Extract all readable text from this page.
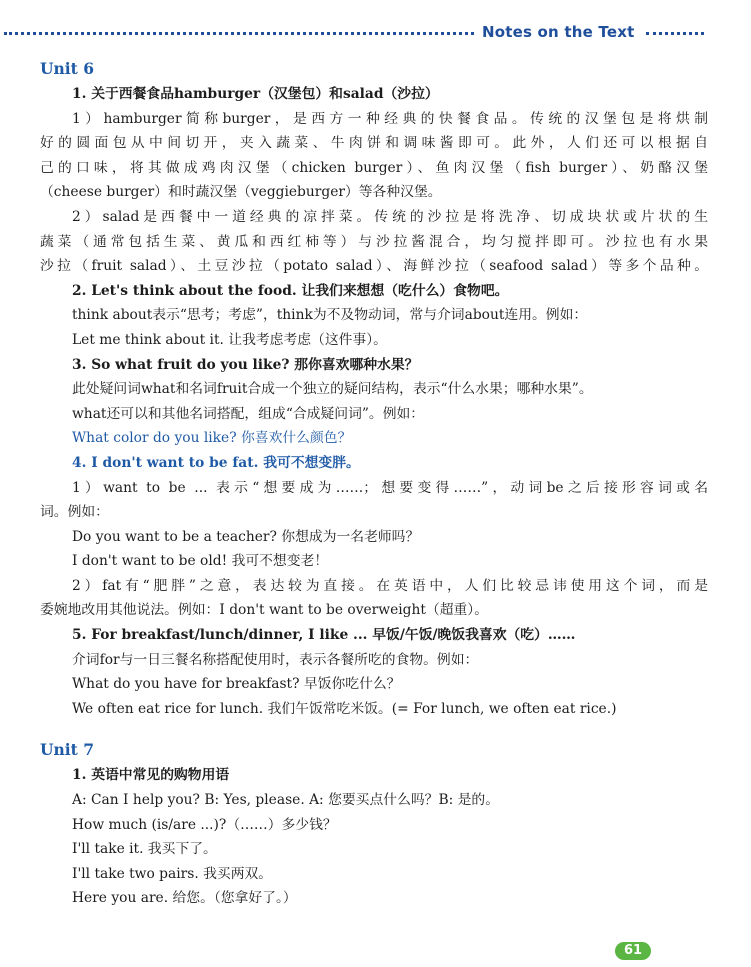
Notes on the Text
Unit 6
1. 关于西餐食品hamburger（汉堡包）和salad（沙拉）
1）hamburger简称burger，是西方一种经典的快餐食品。传统的汉堡包是将烘制
好的圆面包从中间切开，夹入蔬菜、牛肉饼和调味酱即可。此外，人们还可以根据自
己的口味，将其做成鸡肉汉堡（chicken burger）、鱼肉汉堡（fish burger）、奶酪汉堡
（cheese burger）和时蔬汉堡（veggieburger）等各种汉堡。
2）salad是西餐中一道经典的凉拌菜。传统的沙拉是将洗净、切成块状或片状的生
蔬菜（通常包括生菜、黄瓜和西红柿等）与沙拉酱混合，均匀搅拌即可。沙拉也有水果
沙拉（fruit salad）、土豆沙拉（potato salad）、海鲜沙拉（seafood salad）等多个品种。
2. Let's think about the food. 让我们来想想（吃什么）食物吧。
think about表示“思考；考虑”，think为不及物动词，常与介词about连用。例如：
Let me think about it. 让我考虑考虑（这件事）。
3. So what fruit do you like? 那你喜欢哪种水果？
此处疑问词what和名词fruit合成一个独立的疑问结构，表示“什么水果；哪种水果”。
what还可以和其他名词搭配，组成“合成疑问词”。例如：
What color do you like? 你喜欢什么颜色？
4. I don't want to be fat. 我可不想变胖。
1）want to be ... 表示“想要成为……；想要变得……”，动词be之后接形容词或名
词。例如：
Do you want to be a teacher? 你想成为一名老师吗？
I don't want to be old! 我可不想变老！
2）fat有“肥胖”之意，表达较为直接。在英语中，人们比较忌讳使用这个词，而是
委婉地改用其他说法。例如：I don't want to be overweight（超重）。
5. For breakfast/lunch/dinner, I like ... 早饭/午饭/晚饭我喜欢（吃）……
介词for与一日三餐名称搭配使用时，表示各餐所吃的食物。例如：
What do you have for breakfast? 早饭你吃什么？
We often eat rice for lunch. 我们午饭常吃米饭。(= For lunch, we often eat rice.)
Unit 7
1. 英语中常见的购物用语
A: Can I help you? B: Yes, please. A: 您要买点什么吗？B: 是的。
How much (is/are ...)?（……）多少钱？
I'll take it. 我买下了。
I'll take two pairs. 我买两双。
Here you are. 给您。（您拿好了。）
61
